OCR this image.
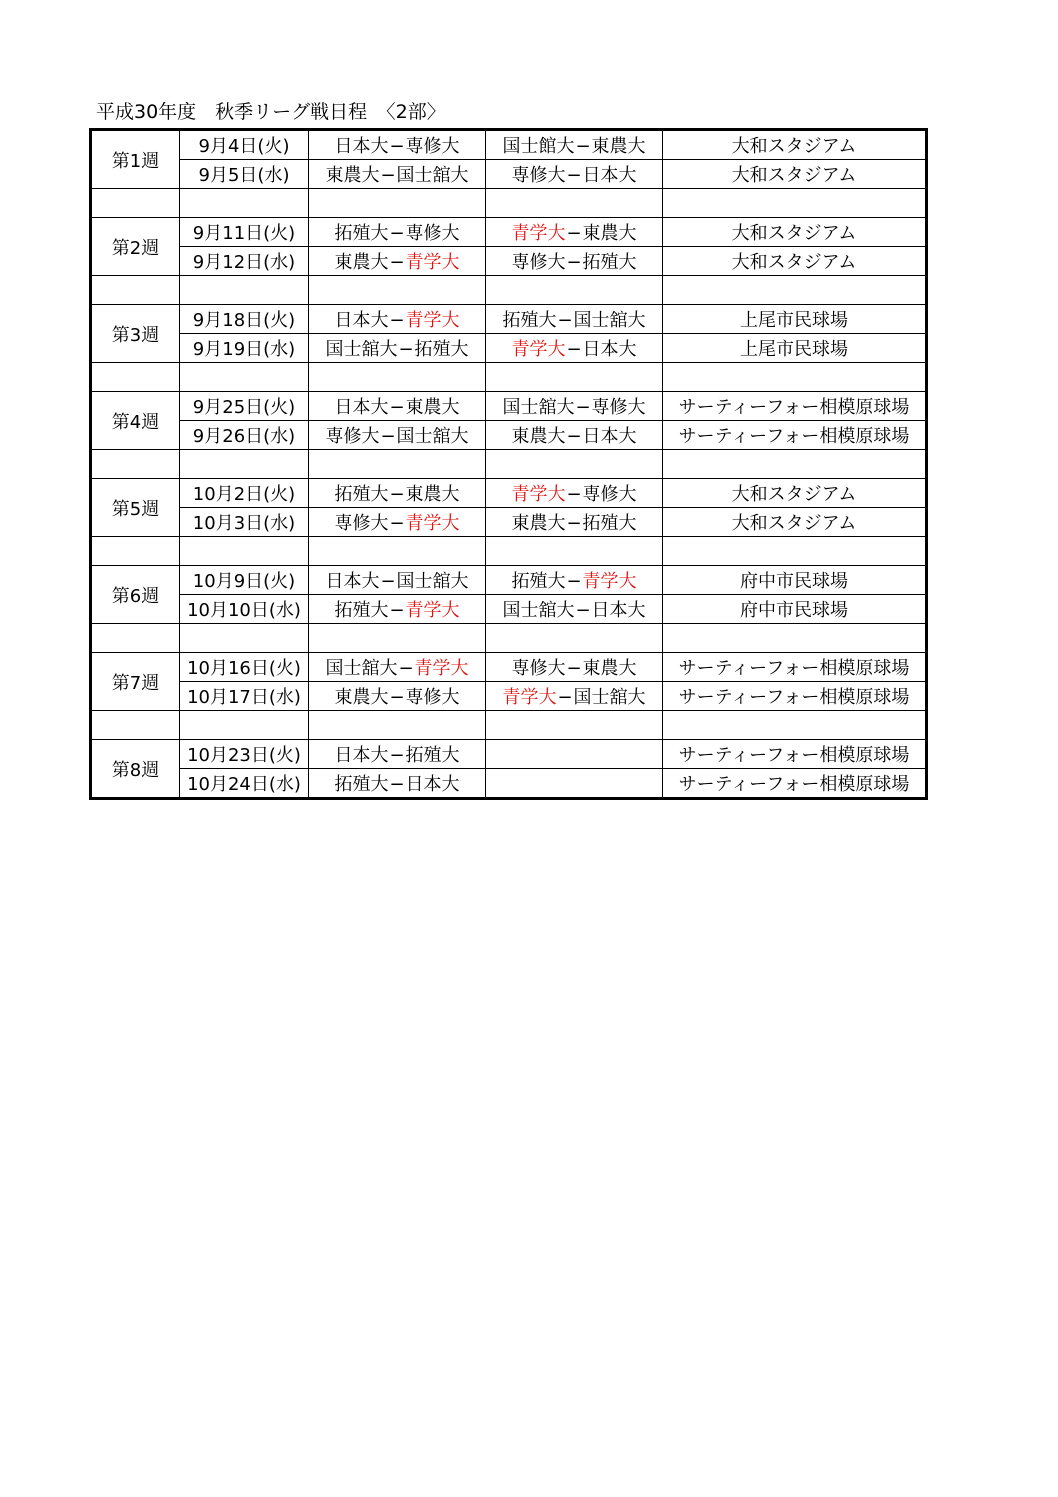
平成30年度　秋季リーグ戦日程　〈2部〉
第1週	9月4日(火)	日本大−専修大	国士館大−東農大	大和スタジアム
	9月5日(水)	東農大−国士舘大	専修大−日本大	大和スタジアム

第2週	9月11日(火)	拓殖大−専修大	青学大−東農大	大和スタジアム
	9月12日(水)	東農大−青学大	専修大−拓殖大	大和スタジアム

第3週	9月18日(火)	日本大−青学大	拓殖大−国士舘大	上尾市民球場
	9月19日(水)	国士舘大−拓殖大	青学大−日本大	上尾市民球場

第4週	9月25日(火)	日本大−東農大	国士舘大−専修大	サーティーフォー相模原球場
	9月26日(水)	専修大−国士舘大	東農大−日本大	サーティーフォー相模原球場

第5週	10月2日(火)	拓殖大−東農大	青学大−専修大	大和スタジアム
	10月3日(水)	専修大−青学大	東農大−拓殖大	大和スタジアム

第6週	10月9日(火)	日本大−国士舘大	拓殖大−青学大	府中市民球場
	10月10日(水)	拓殖大−青学大	国士舘大−日本大	府中市民球場

第7週	10月16日(火)	国士舘大−青学大	専修大−東農大	サーティーフォー相模原球場
	10月17日(水)	東農大−専修大	青学大−国士舘大	サーティーフォー相模原球場

第8週	10月23日(火)	日本大−拓殖大		サーティーフォー相模原球場
	10月24日(水)	拓殖大−日本大		サーティーフォー相模原球場
